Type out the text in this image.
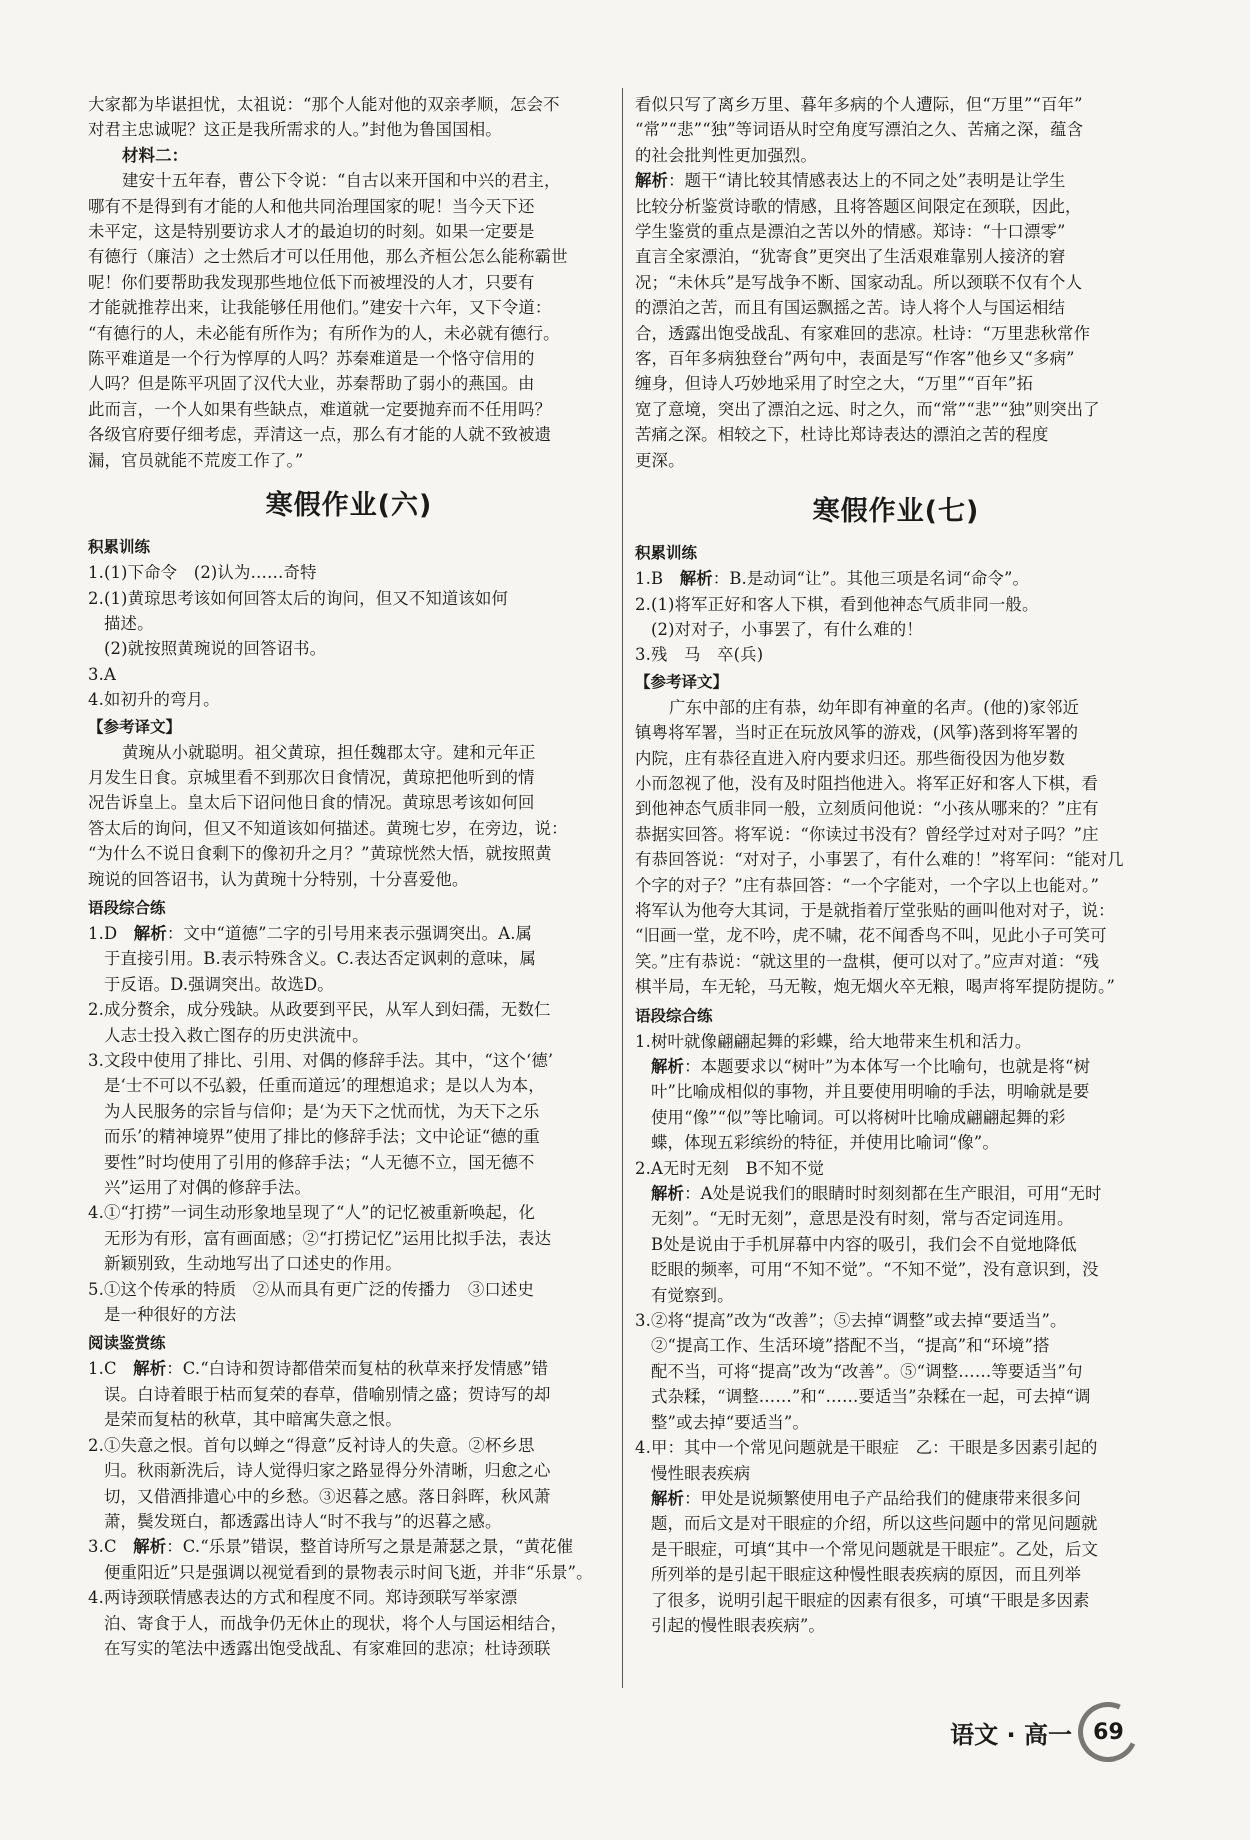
大家都为毕谌担忧，太祖说：“那个人能对他的双亲孝顺，怎会不

对君主忠诚呢？这正是我所需求的人。”封他为鲁国国相。

材料二：

建安十五年春，曹公下令说：“自古以来开国和中兴的君主，

哪有不是得到有才能的人和他共同治理国家的呢！当今天下还

未平定，这是特别要访求人才的最迫切的时刻。如果一定要是

有德行（廉洁）之士然后才可以任用他，那么齐桓公怎么能称霸世

呢！你们要帮助我发现那些地位低下而被埋没的人才，只要有

才能就推荐出来，让我能够任用他们。”建安十六年，又下令道：

“有德行的人，未必能有所作为；有所作为的人，未必就有德行。

陈平难道是一个行为惇厚的人吗？苏秦难道是一个恪守信用的

人吗？但是陈平巩固了汉代大业，苏秦帮助了弱小的燕国。由

此而言，一个人如果有些缺点，难道就一定要抛弃而不任用吗？

各级官府要仔细考虑，弄清这一点，那么有才能的人就不致被遗

漏，官员就能不荒废工作了。”

寒假作业(六)
积累训练

1.(1)下命令　(2)认为……奇特

2.(1)黄琼思考该如何回答太后的询问，但又不知道该如何

描述。

(2)就按照黄琬说的回答诏书。

3.A

4.如初升的弯月。

【参考译文】

黄琬从小就聪明。祖父黄琼，担任魏郡太守。建和元年正

月发生日食。京城里看不到那次日食情况，黄琼把他听到的情

况告诉皇上。皇太后下诏问他日食的情况。黄琼思考该如何回

答太后的询问，但又不知道该如何描述。黄琬七岁，在旁边，说：

“为什么不说日食剩下的像初升之月？”黄琼恍然大悟，就按照黄

琬说的回答诏书，认为黄琬十分特别，十分喜爱他。

语段综合练

1.D　解析：文中“道德”二字的引号用来表示强调突出。A.属

于直接引用。B.表示特殊含义。C.表达否定讽刺的意味，属

于反语。D.强调突出。故选D。

2.成分赘余，成分残缺。从政要到平民，从军人到妇孺，无数仁

人志士投入救亡图存的历史洪流中。

3.文段中使用了排比、引用、对偶的修辞手法。其中，“这个‘德’

是‘士不可以不弘毅，任重而道远’的理想追求；是以人为本，

为人民服务的宗旨与信仰；是‘为天下之忧而忧，为天下之乐

而乐’的精神境界”使用了排比的修辞手法；文中论证“德的重

要性”时均使用了引用的修辞手法；“人无德不立，国无德不

兴”运用了对偶的修辞手法。

4.①“打捞”一词生动形象地呈现了“人”的记忆被重新唤起，化

无形为有形，富有画面感；②“打捞记忆”运用比拟手法，表达

新颖别致，生动地写出了口述史的作用。

5.①这个传承的特质　②从而具有更广泛的传播力　③口述史

是一种很好的方法

阅读鉴赏练

1.C　解析：C.“白诗和贺诗都借荣而复枯的秋草来抒发情感”错

误。白诗着眼于枯而复荣的春草，借喻别情之盛；贺诗写的却

是荣而复枯的秋草，其中暗寓失意之恨。

2.①失意之恨。首句以蝉之“得意”反衬诗人的失意。②杯乡思

归。秋雨新洗后，诗人觉得归家之路显得分外清晰，归愈之心

切，又借酒排遣心中的乡愁。③迟暮之感。落日斜晖，秋风萧

萧，鬓发斑白，都透露出诗人“时不我与”的迟暮之感。

3.C　解析：C.“乐景”错误，整首诗所写之景是萧瑟之景，“黄花催

便重阳近”只是强调以视觉看到的景物表示时间飞逝，并非“乐景”。

4.两诗颈联情感表达的方式和程度不同。郑诗颈联写举家漂

泊、寄食于人，而战争仍无休止的现状，将个人与国运相结合，

在写实的笔法中透露出饱受战乱、有家难回的悲凉；杜诗颈联

看似只写了离乡万里、暮年多病的个人遭际，但“万里”“百年”

“常”“悲”“独”等词语从时空角度写漂泊之久、苦痛之深，蕴含

的社会批判性更加强烈。

解析：题干“请比较其情感表达上的不同之处”表明是让学生

比较分析鉴赏诗歌的情感，且将答题区间限定在颈联，因此，

学生鉴赏的重点是漂泊之苦以外的情感。郑诗：“十口漂零”

直言全家漂泊，“犹寄食”更突出了生活艰难靠别人接济的窘

况；“未休兵”是写战争不断、国家动乱。所以颈联不仅有个人

的漂泊之苦，而且有国运飘摇之苦。诗人将个人与国运相结

合，透露出饱受战乱、有家难回的悲凉。杜诗：“万里悲秋常作

客，百年多病独登台”两句中，表面是写“作客”他乡又“多病”

缠身，但诗人巧妙地采用了时空之大，“万里”“百年”拓

宽了意境，突出了漂泊之远、时之久，而“常”“悲”“独”则突出了

苦痛之深。相较之下，杜诗比郑诗表达的漂泊之苦的程度

更深。

寒假作业(七)
积累训练

1.B　解析：B.是动词“让”。其他三项是名词“命令”。

2.(1)将军正好和客人下棋，看到他神态气质非同一般。

(2)对对子，小事罢了，有什么难的！

3.残　马　卒(兵)

【参考译文】

广东中部的庄有恭，幼年即有神童的名声。(他的)家邻近

镇粤将军署，当时正在玩放风筝的游戏，(风筝)落到将军署的

内院，庄有恭径直进入府内要求归还。那些衙役因为他岁数

小而忽视了他，没有及时阻挡他进入。将军正好和客人下棋，看

到他神态气质非同一般，立刻质问他说：“小孩从哪来的？”庄有

恭据实回答。将军说：“你读过书没有？曾经学过对对子吗？”庄

有恭回答说：“对对子，小事罢了，有什么难的！”将军问：“能对几

个字的对子？”庄有恭回答：“一个字能对，一个字以上也能对。”

将军认为他夸大其词，于是就指着厅堂张贴的画叫他对对子，说：

“旧画一堂，龙不吟，虎不啸，花不闻香鸟不叫，见此小子可笑可

笑。”庄有恭说：“就这里的一盘棋，便可以对了。”应声对道：“残

棋半局，车无轮，马无鞍，炮无烟火卒无粮，喝声将军提防提防。”

语段综合练

1.树叶就像翩翩起舞的彩蝶，给大地带来生机和活力。

解析：本题要求以“树叶”为本体写一个比喻句，也就是将“树

叶”比喻成相似的事物，并且要使用明喻的手法，明喻就是要

使用“像”“似”等比喻词。可以将树叶比喻成翩翩起舞的彩

蝶，体现五彩缤纷的特征，并使用比喻词“像”。

2.A无时无刻　B不知不觉

解析：A处是说我们的眼睛时时刻刻都在生产眼泪，可用“无时

无刻”。“无时无刻”，意思是没有时刻，常与否定词连用。

B处是说由于手机屏幕中内容的吸引，我们会不自觉地降低

眨眼的频率，可用“不知不觉”。“不知不觉”，没有意识到，没

有觉察到。

3.②将“提高”改为“改善”；⑤去掉“调整”或去掉“要适当”。

②“提高工作、生活环境”搭配不当，“提高”和“环境”搭

配不当，可将“提高”改为“改善”。⑤“调整……等要适当”句

式杂糅，“调整……”和“……要适当”杂糅在一起，可去掉“调

整”或去掉“要适当”。

4.甲：其中一个常见问题就是干眼症　乙：干眼是多因素引起的

慢性眼表疾病

解析：甲处是说频繁使用电子产品给我们的健康带来很多问

题，而后文是对干眼症的介绍，所以这些问题中的常见问题就

是干眼症，可填“其中一个常见问题就是干眼症”。乙处，后文

所列举的是引起干眼症这种慢性眼表疾病的原因，而且列举

了很多，说明引起干眼症的因素有很多，可填“干眼是多因素

引起的慢性眼表疾病”。

语文 · 高一 69
